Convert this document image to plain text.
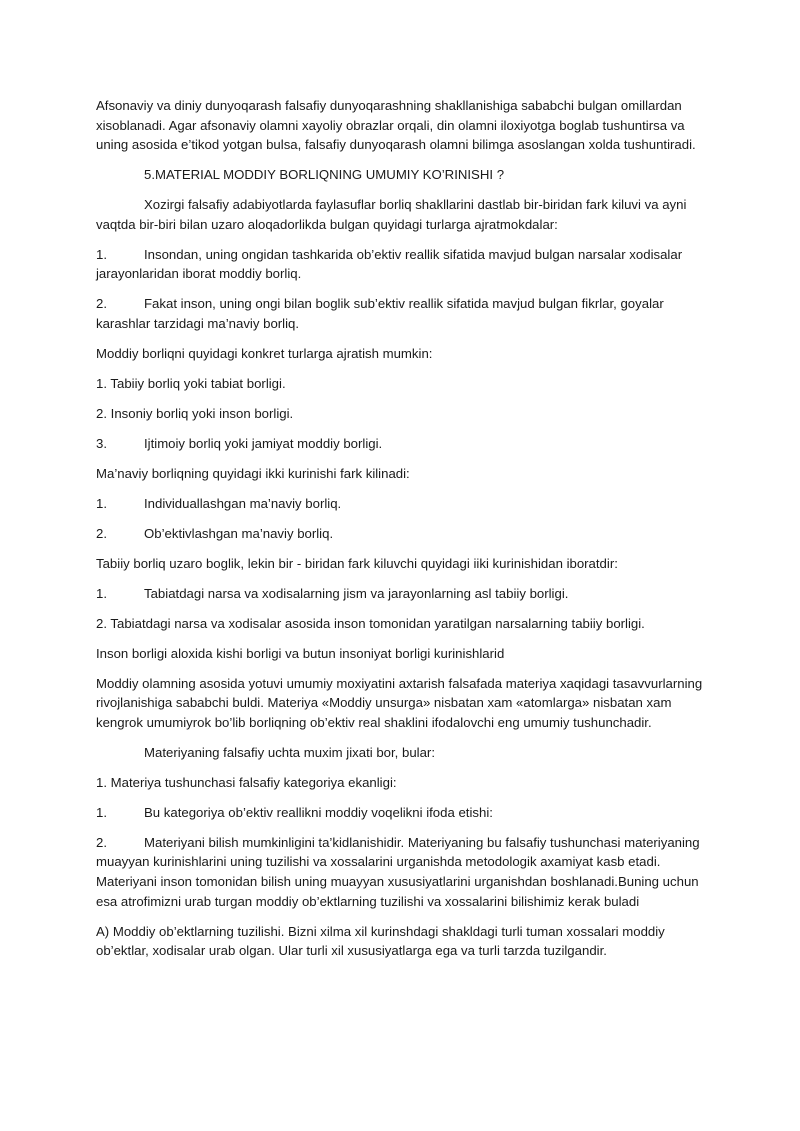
Afsonaviy va diniy dunyoqarash falsafiy dunyoqarashning shakllanishiga sababchi bulgan omillardan xisoblanadi. Agar afsonaviy olamni xayoliy obrazlar orqali, din olamni iloxiyotga boglab tushuntirsa va uning asosida e’tikod yotgan bulsa, falsafiy dunyoqarash olamni bilimga asoslangan xolda tushuntiradi.

5.MATERIAL MODDIY BORLIQNING UMUMIY KO’RINISHI ?

Xozirgi falsafiy adabiyotlarda faylasuflar borliq shakllarini dastlab bir-biridan fark kiluvi va ayni vaqtda bir-biri bilan uzaro aloqadorlikda bulgan quyidagi turlarga ajratmokdalar:

1.	Insondan, uning ongidan tashkarida ob’ektiv reallik sifatida mavjud bulgan narsalar xodisalar jarayonlaridan iborat moddiy borliq.
2.	Fakat inson, uning ongi bilan boglik sub’ektiv reallik sifatida mavjud bulgan fikrlar, goyalar karashlar tarzidagi ma’naviy borliq.

Moddiy borliqni quyidagi konkret turlarga ajratish mumkin:

1. Tabiiy borliq yoki tabiat borligi.

2. Insoniy borliq yoki inson borligi.

3.	Ijtimoiy borliq yoki jamiyat moddiy borligi.

Ma’naviy borliqning quyidagi ikki kurinishi fark kilinadi:

1.	Individuallashgan ma’naviy borliq.
2.	Ob’ektivlashgan ma’naviy borliq.

Tabiiy borliq uzaro boglik, lekin bir - biridan fark kiluvchi quyidagi iiki kurinishidan iboratdir:

1.	Tabiatdagi narsa va xodisalarning jism va jarayonlarning asl tabiiy borligi.

2. Tabiatdagi narsa va xodisalar asosida inson tomonidan yaratilgan narsalarning tabiiy borligi.

Inson borligi aloxida kishi borligi va butun insoniyat borligi kurinishlarid

Moddiy olamning asosida yotuvi umumiy moxiyatini axtarish falsafada materiya xaqidagi tasavvurlarning rivojlanishiga sababchi buldi. Materiya «Moddiy unsurga» nisbatan xam «atomlarga» nisbatan xam kengrok umumiyrok bo’lib borliqning ob’ektiv real shaklini ifodalovchi eng umumiy tushunchadir.

Materiyaning falsafiy uchta muxim jixati bor, bular:

1. Materiya tushunchasi falsafiy kategoriya ekanligi:

1.	Bu kategoriya ob’ektiv reallikni moddiy voqelikni ifoda etishi:
2.	Materiyani bilish mumkinligini ta’kidlanishidir. Materiyaning bu falsafiy tushunchasi materiyaning muayyan kurinishlarini uning tuzilishi va xossalarini urganishda metodologik axamiyat kasb etadi. Materiyani inson tomonidan bilish uning muayyan xususiyatlarini urganishdan boshlanadi.Buning uchun esa atrofimizni urab turgan moddiy ob’ektlarning tuzilishi va xossalarini bilishimiz kerak buladi

A) Moddiy ob’ektlarning tuzilishi. Bizni xilma xil kurinshdagi shakldagi turli tuman xossalari moddiy ob’ektlar, xodisalar urab olgan. Ular turli xil xususiyatlarga ega va turli tarzda tuzilgandir.
